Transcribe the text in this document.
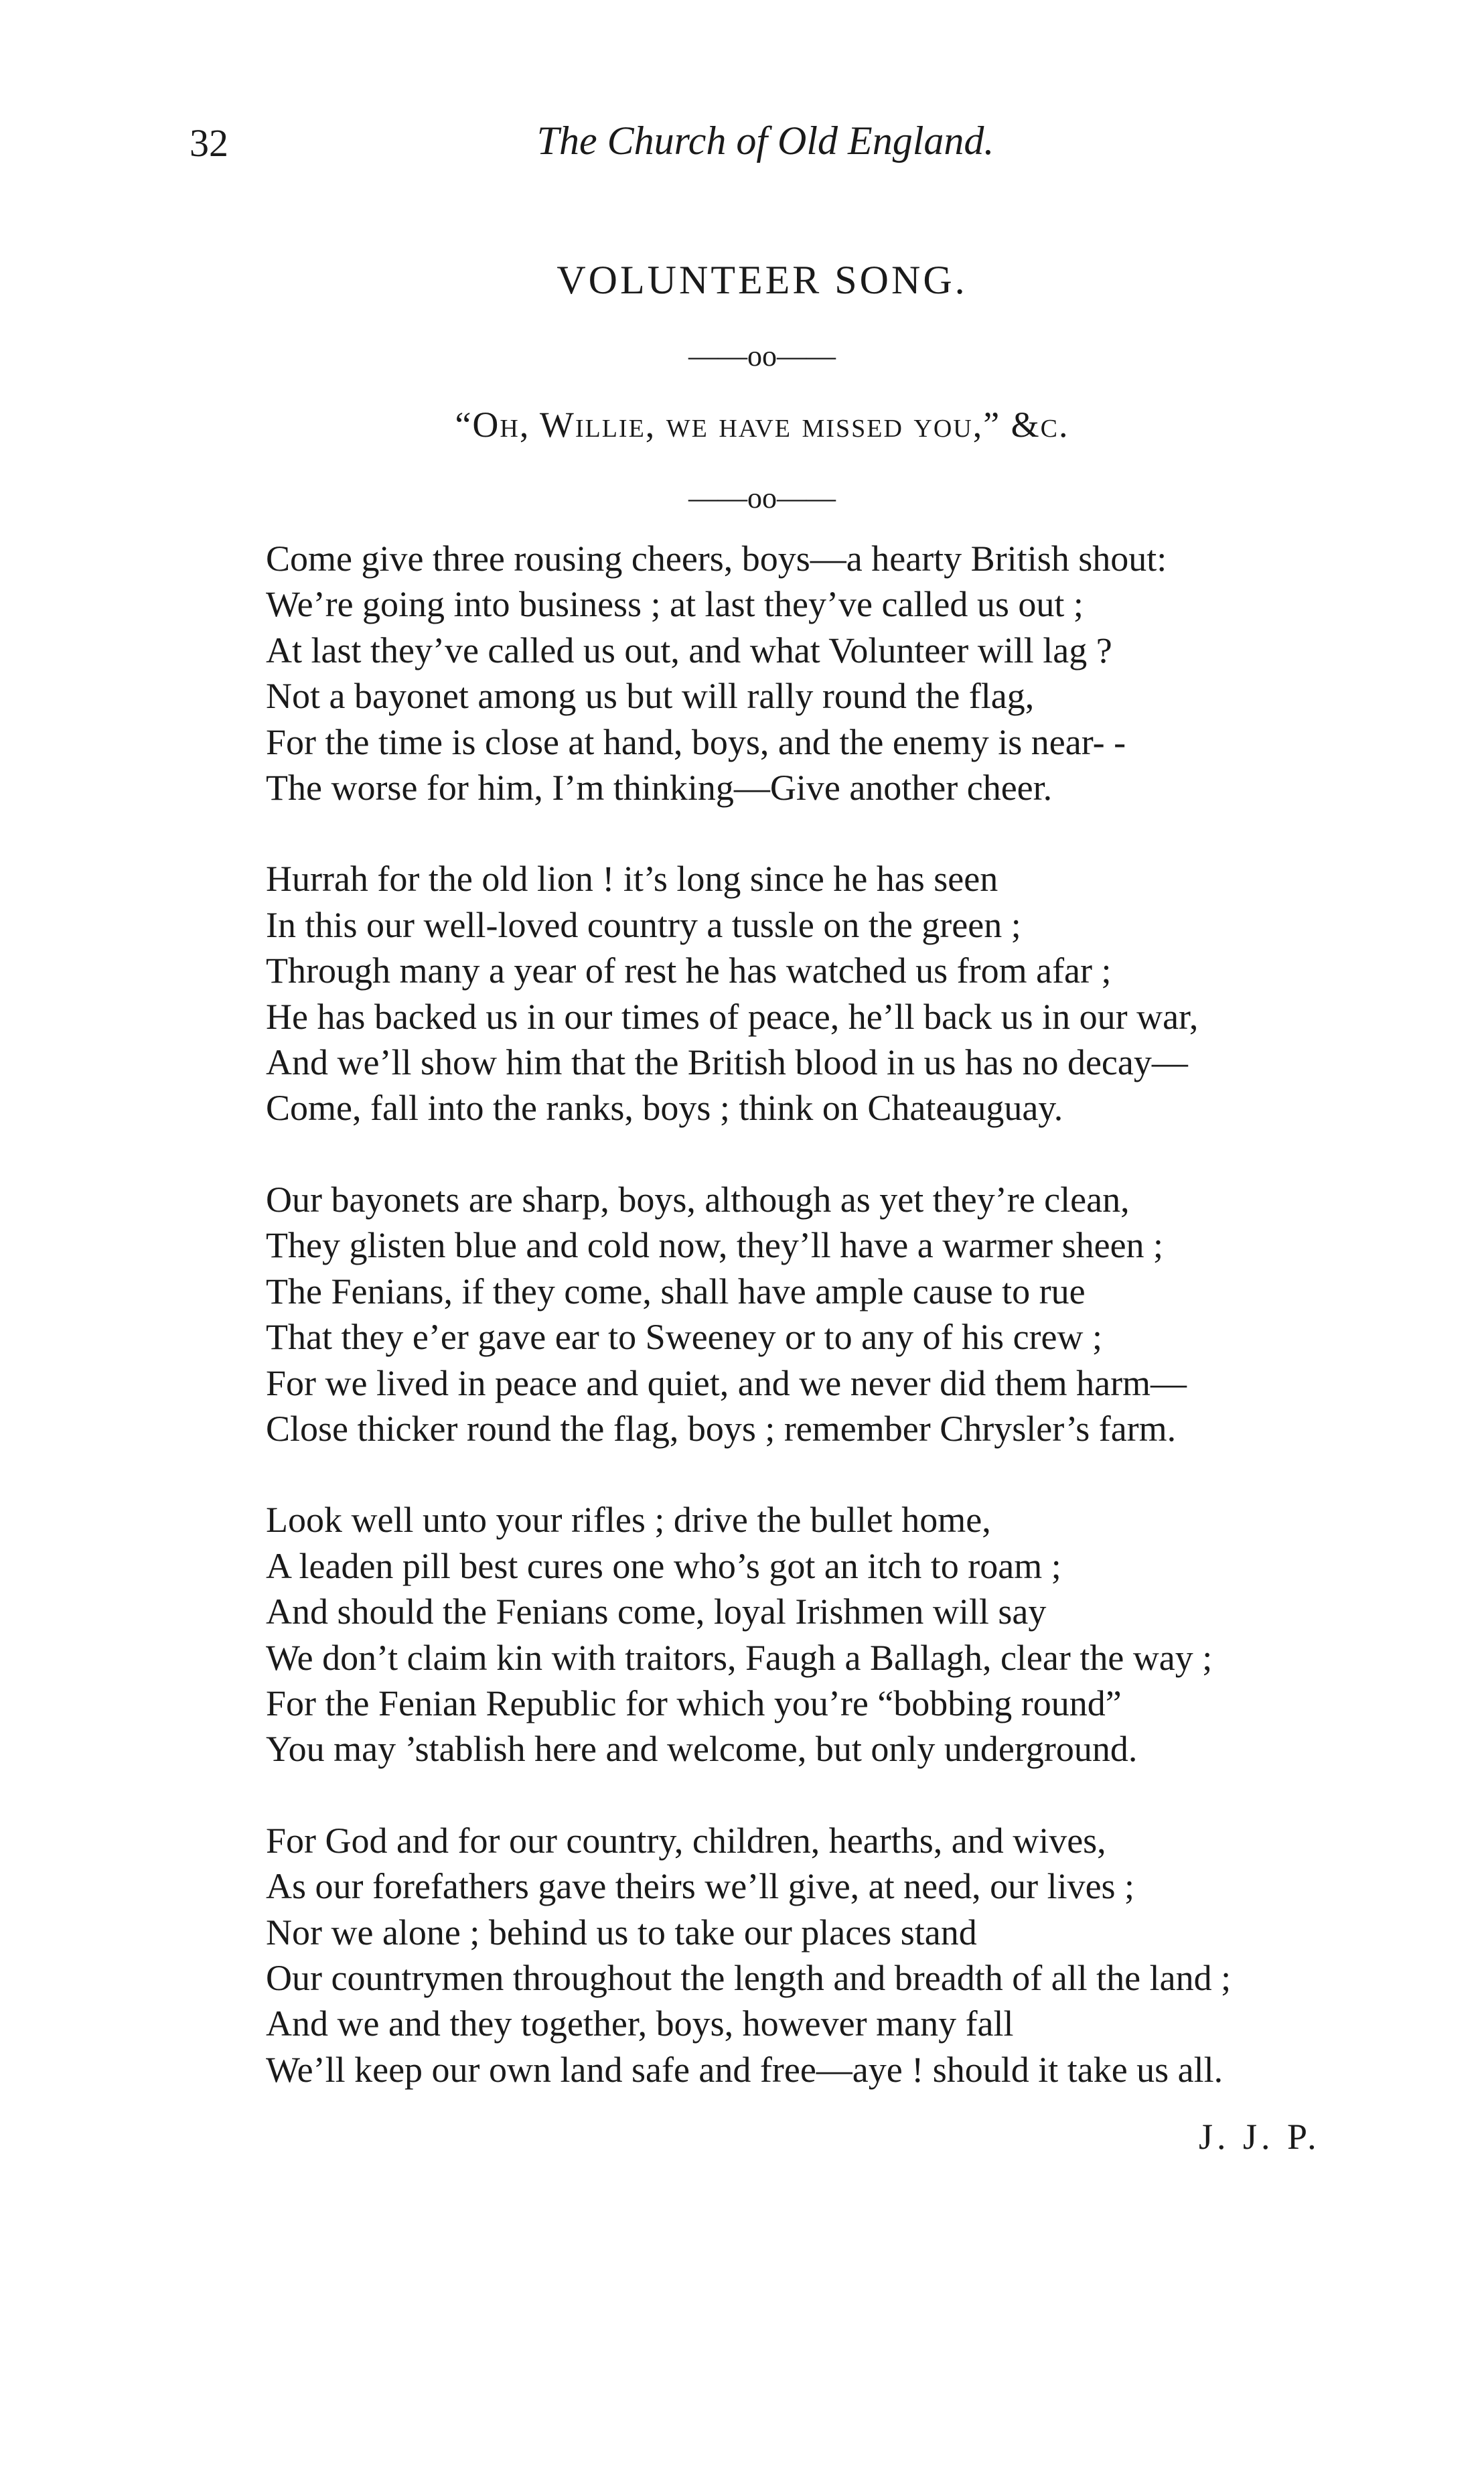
32	The Church of Old England.
VOLUNTEER SONG.
——oo——
“Oh, Willie, we have missed you,” &c.
——oo——
Come give three rousing cheers, boys—a hearty British shout:
We’re going into business ; at last they’ve called us out ;
At last they’ve called us out, and what Volunteer will lag ?
Not a bayonet among us but will rally round the flag,
For the time is close at hand, boys, and the enemy is near- -
The worse for him, I’m thinking—Give another cheer.
Hurrah for the old lion ! it’s long since he has seen
In this our well-loved country a tussle on the green ;
Through many a year of rest he has watched us from afar ;
He has backed us in our times of peace, he’ll back us in our war,
And we’ll show him that the British blood in us has no decay—
Come, fall into the ranks, boys ; think on Chateauguay.
Our bayonets are sharp, boys, although as yet they’re clean,
They glisten blue and cold now, they’ll have a warmer sheen ;
The Fenians, if they come, shall have ample cause to rue
That they e’er gave ear to Sweeney or to any of his crew ;
For we lived in peace and quiet, and we never did them harm—
Close thicker round the flag, boys ; remember Chrysler’s farm.
Look well unto your rifles ; drive the bullet home,
A leaden pill best cures one who’s got an itch to roam ;
And should the Fenians come, loyal Irishmen will say
We don’t claim kin with traitors, Faugh a Ballagh, clear the way ;
For the Fenian Republic for which you’re “bobbing round”
You may ’stablish here and welcome, but only underground.
For God and for our country, children, hearths, and wives,
As our forefathers gave theirs we’ll give, at need, our lives ;
Nor we alone ; behind us to take our places stand
Our countrymen throughout the length and breadth of all the land ;
And we and they together, boys, however many fall
We’ll keep our own land safe and free—aye ! should it take us all.
J. J. P.
